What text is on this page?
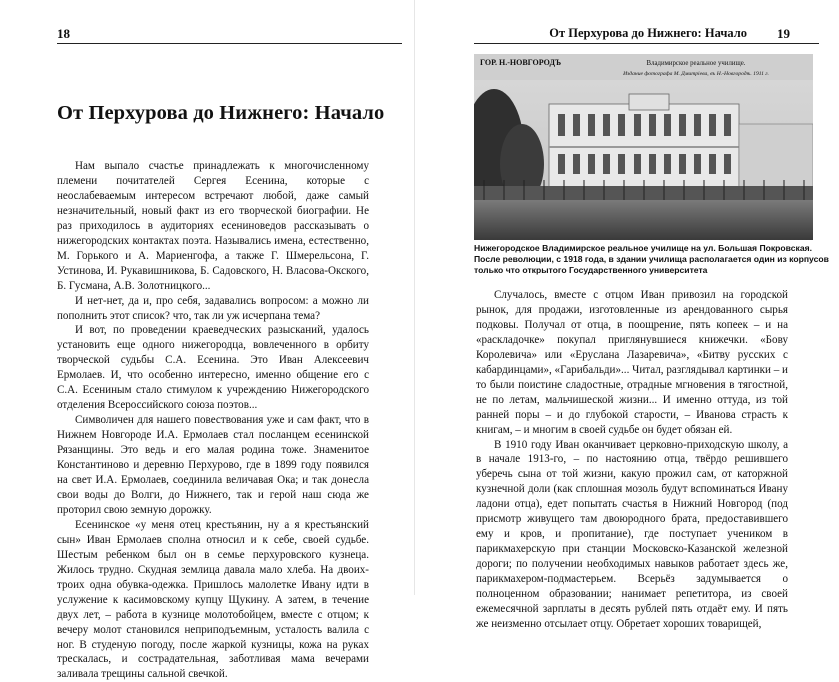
18
От Перхурова до Нижнего: Начало

Нам выпало счастье принадлежать к многочисленному племени почитателей Сергея Есенина, которые с неослабеваемым интересом встречают любой, даже самый незначительный, новый факт из его творческой биографии. Не раз приходилось в аудиториях есениноведов рассказывать о нижегородских контактах поэта. Назывались имена, естественно, М. Горького и А. Мариенгофа, а также Г. Шмерельсона, Г. Устинова, И. Рукавишникова, Б. Садовского, Н. Власова-Окского, Б. Гусмана, А.В. Золотницкого...

И нет-нет, да и, про себя, задавались вопросом: а можно ли пополнить этот список? что, так ли уж исчерпана тема?

И вот, по проведении краеведческих разысканий, удалось установить еще одного нижегородца, вовлеченного в орбиту творческой судьбы С.А. Есенина. Это Иван Алексеевич Ермолаев. И, что особенно интересно, именно общение его с С.А. Есениным стало стимулом к учреждению Нижегородского отделения Всероссийского союза поэтов...

Символичен для нашего повествования уже и сам факт, что в Нижнем Новгороде И.А. Ермолаев стал посланцем есенинской Рязанщины. Это ведь и его малая родина тоже. Знаменитое Константиново и деревню Перхурово, где в 1899 году появился на свет И.А. Ермолаев, соединила величавая Ока; и так донесла свои воды до Волги, до Нижнего, так и герой наш сюда же проторил свою земную дорожку.

Есенинское «у меня отец крестьянин, ну а я крестьянский сын» Иван Ермолаев сполна относил и к себе, своей судьбе. Шестым ребенком был он в семье перхуровского кузнеца. Жилось трудно. Скудная землица давала мало хлеба. На двоих-троих одна обувка-одежка. Пришлось малолетке Ивану идти в услужение к касимовскому купцу Щукину. А затем, в течение двух лет, – работа в кузнице молотобойцем, вместе с отцом; к вечеру молот становился неприподъемным, усталость валила с ног. В студеную погоду, после жаркой кузницы, кожа на руках трескалась, и сострадательная, заботливая мама вечерами заливала трещины сальной свечкой.

От Перхурова до Нижнего: Начало 19
ГОР. Н.-НОВГОРОДЪ	Владимирское реальное училище.
Издание фотографа М. Дмитріева, въ Н.-Новгородѣ. 1911 г.
Нижегородское Владимирское реальное училище на ул. Большая Покровская.
После революции, с 1918 года, в здании училища располагается один из корпусов
только что открытого Государственного университета

Случалось, вместе с отцом Иван привозил на городской рынок, для продажи, изготовленные из арендованного сырья подковы. Получал от отца, в поощрение, пять копеек – и на «раскладочке» покупал приглянувшиеся книжечки. «Бову Королевича» или «Еруслана Лазаревича», «Битву русских с кабардинцами», «Гарибальди»... Читал, разглядывал картинки – и то были поистине сладостные, отрадные мгновения в тягостной, не по летам, мальчишеской жизни... И именно оттуда, из той ранней поры – и до глубокой старости, – Иванова страсть к книгам, – и многим в своей судьбе он будет обязан ей.

В 1910 году Иван оканчивает церковно-приходскую школу, а в начале 1913-го, – по настоянию отца, твёрдо решившего уберечь сына от той жизни, какую прожил сам, от каторжной кузнечной доли (как сплошная мозоль будут вспоминаться Ивану ладони отца), едет попытать счастья в Нижний Новгород (под присмотр живущего там двоюродного брата, предоставившего ему и кров, и пропитание), где поступает учеником в парикмахерскую при станции Московско-Казанской железной дороги; по получении необходимых навыков работает здесь же, парикмахером-подмастерьем. Всерьёз задумывается о полноценном образовании; нанимает репетитора, из своей ежемесячной зарплаты в десять рублей пять отдаёт ему. И пять же неизменно отсылает отцу. Обретает хороших товарищей,
